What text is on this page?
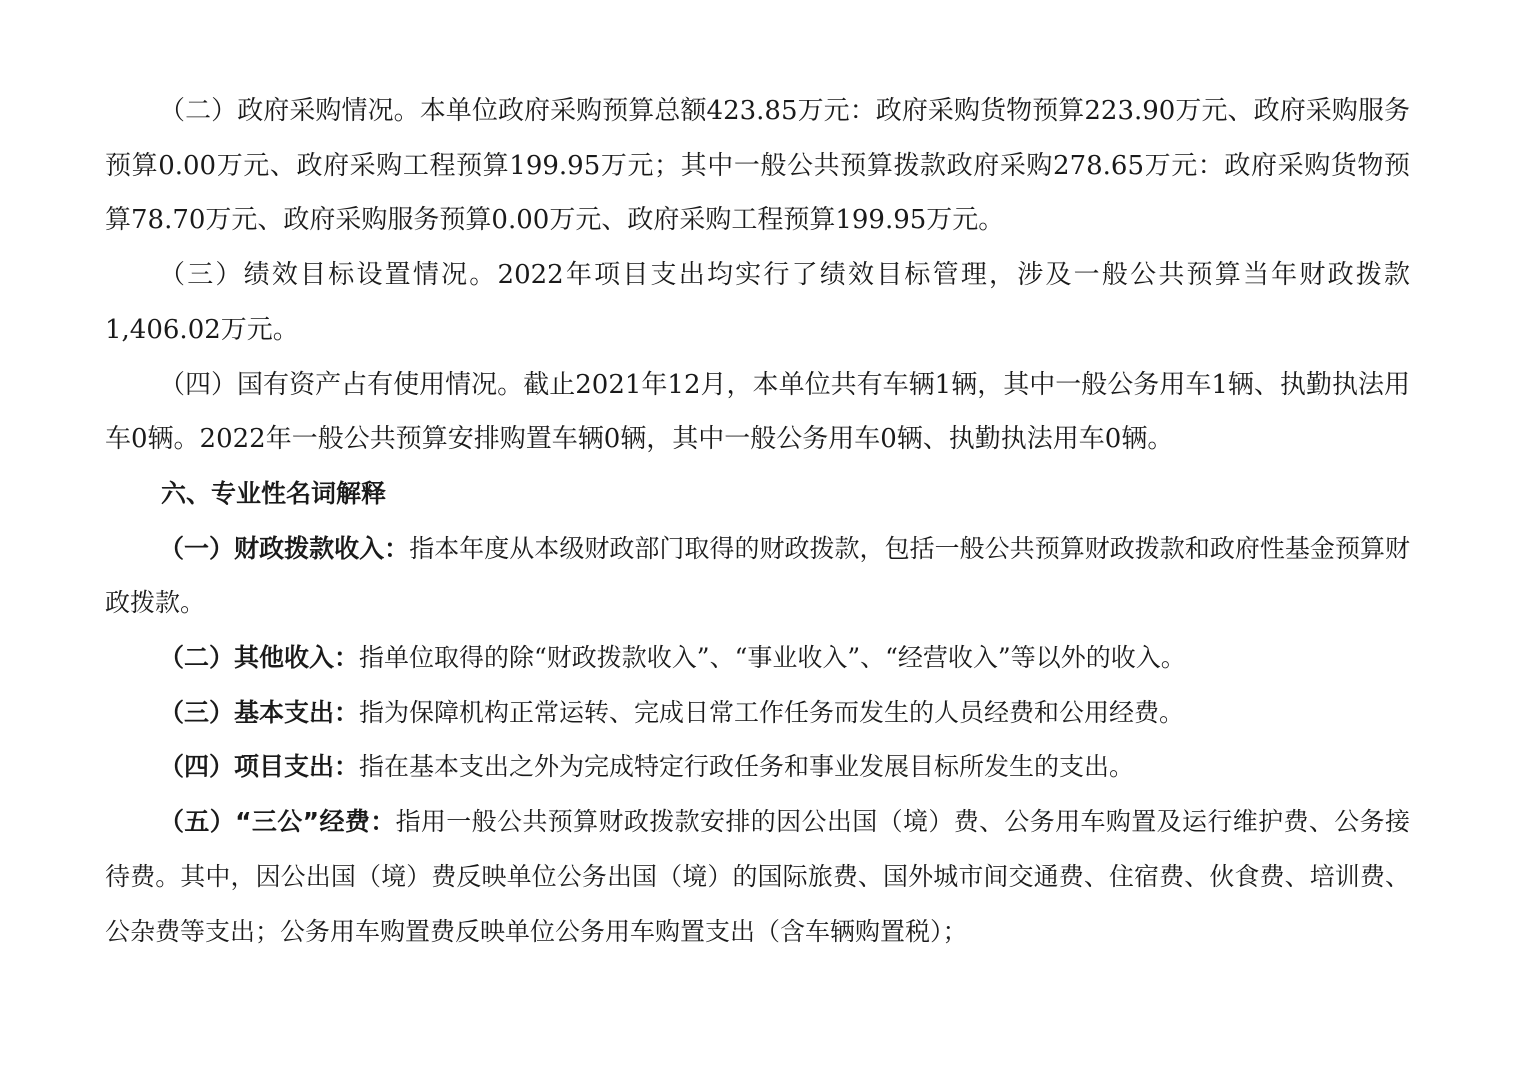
（二）政府采购情况。本单位政府采购预算总额423.85万元：政府采购货物预算223.90万元、政府采购服务预算0.00万元、政府采购工程预算199.95万元；其中一般公共预算拨款政府采购278.65万元：政府采购货物预算78.70万元、政府采购服务预算0.00万元、政府采购工程预算199.95万元。

（三）绩效目标设置情况。2022年项目支出均实行了绩效目标管理，涉及一般公共预算当年财政拨款1,406.02万元。

（四）国有资产占有使用情况。截止2021年12月，本单位共有车辆1辆，其中一般公务用车1辆、执勤执法用车0辆。2022年一般公共预算安排购置车辆0辆，其中一般公务用车0辆、执勤执法用车0辆。

六、专业性名词解释

（一）财政拨款收入：指本年度从本级财政部门取得的财政拨款，包括一般公共预算财政拨款和政府性基金预算财政拨款。

（二）其他收入：指单位取得的除“财政拨款收入”、“事业收入”、“经营收入”等以外的收入。

（三）基本支出：指为保障机构正常运转、完成日常工作任务而发生的人员经费和公用经费。

（四）项目支出：指在基本支出之外为完成特定行政任务和事业发展目标所发生的支出。

（五）“三公”经费：指用一般公共预算财政拨款安排的因公出国（境）费、公务用车购置及运行维护费、公务接待费。其中，因公出国（境）费反映单位公务出国（境）的国际旅费、国外城市间交通费、住宿费、伙食费、培训费、公杂费等支出；公务用车购置费反映单位公务用车购置支出（含车辆购置税）；
